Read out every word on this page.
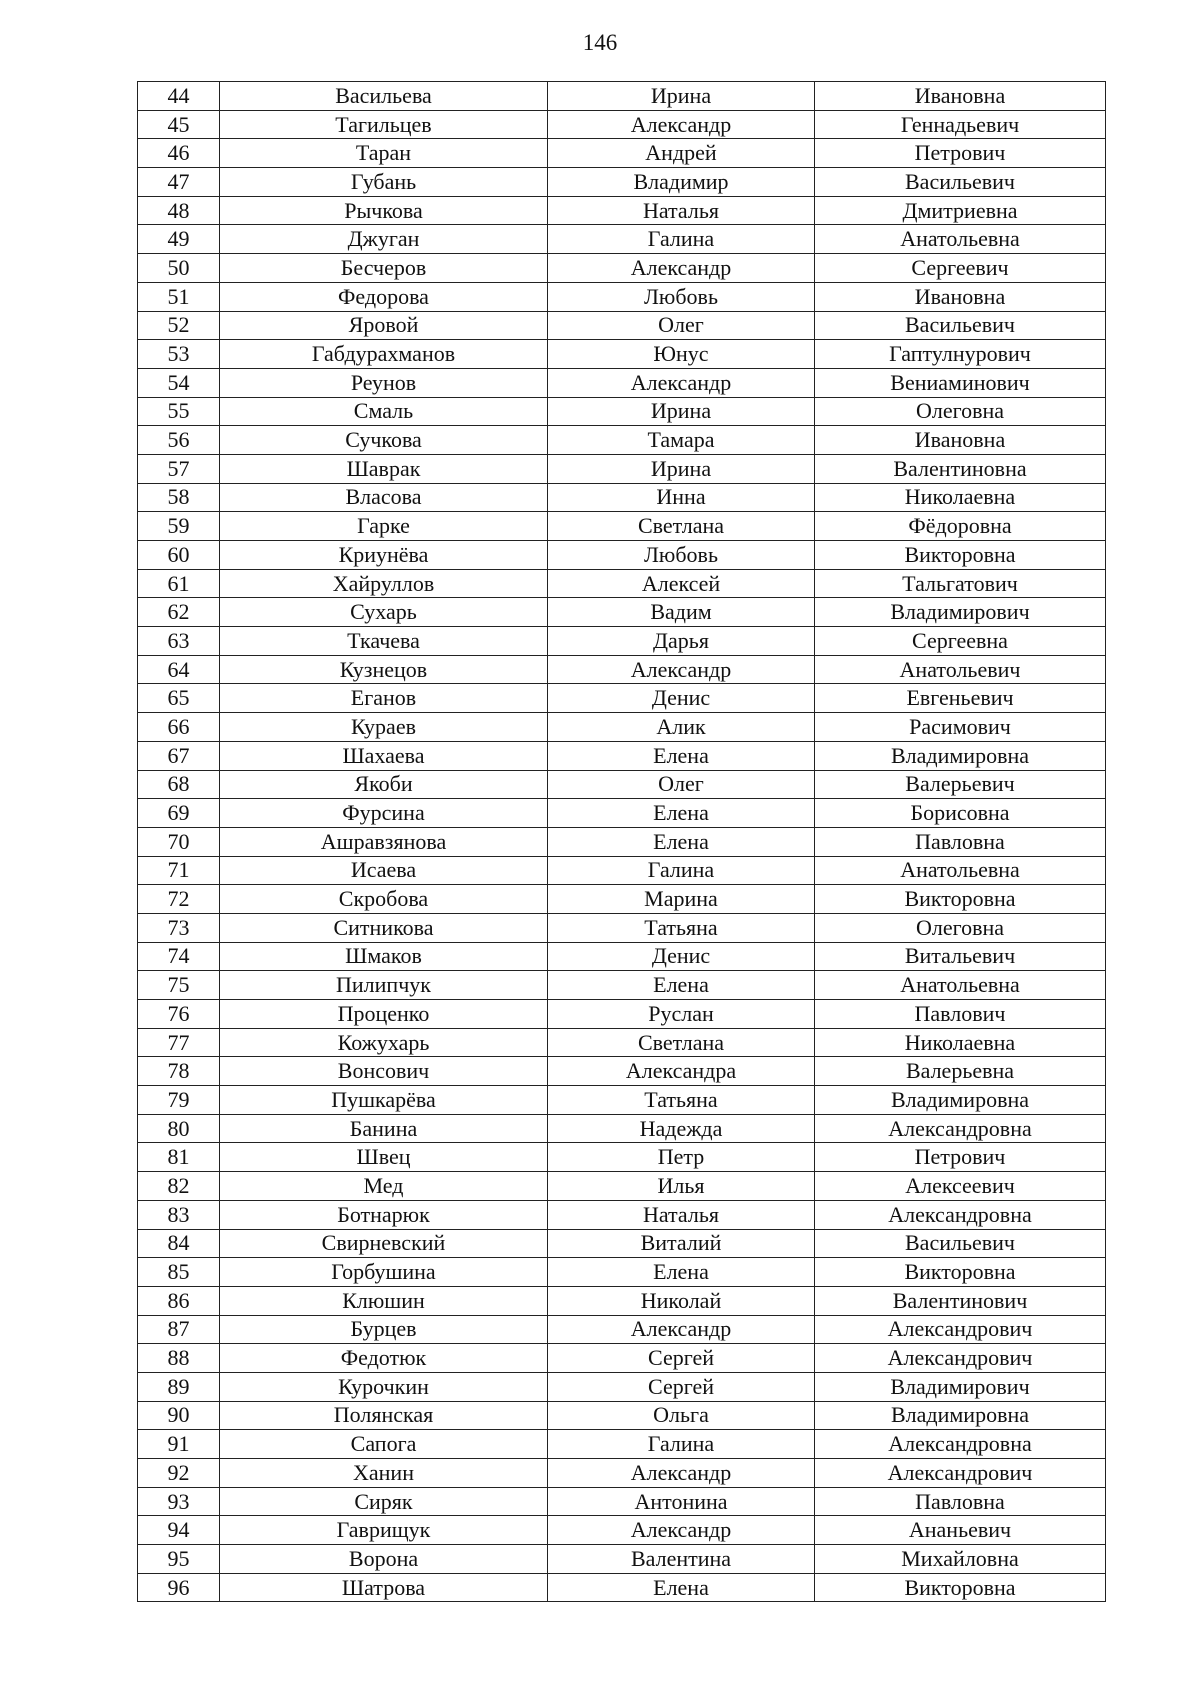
146
44	Васильева	Ирина	Ивановна
45	Тагильцев	Александр	Геннадьевич
46	Таран	Андрей	Петрович
47	Губань	Владимир	Васильевич
48	Рычкова	Наталья	Дмитриевна
49	Джуган	Галина	Анатольевна
50	Бесчеров	Александр	Сергеевич
51	Федорова	Любовь	Ивановна
52	Яровой	Олег	Васильевич
53	Габдурахманов	Юнус	Гаптулнурович
54	Реунов	Александр	Вениаминович
55	Смаль	Ирина	Олеговна
56	Сучкова	Тамара	Ивановна
57	Шаврак	Ирина	Валентиновна
58	Власова	Инна	Николаевна
59	Гарке	Светлана	Фёдоровна
60	Криунёва	Любовь	Викторовна
61	Хайруллов	Алексей	Тальгатович
62	Сухарь	Вадим	Владимирович
63	Ткачева	Дарья	Сергеевна
64	Кузнецов	Александр	Анатольевич
65	Еганов	Денис	Евгеньевич
66	Кураев	Алик	Расимович
67	Шахаева	Елена	Владимировна
68	Якоби	Олег	Валерьевич
69	Фурсина	Елена	Борисовна
70	Ашравзянова	Елена	Павловна
71	Исаева	Галина	Анатольевна
72	Скробова	Марина	Викторовна
73	Ситникова	Татьяна	Олеговна
74	Шмаков	Денис	Витальевич
75	Пилипчук	Елена	Анатольевна
76	Проценко	Руслан	Павлович
77	Кожухарь	Светлана	Николаевна
78	Вонсович	Александра	Валерьевна
79	Пушкарёва	Татьяна	Владимировна
80	Банина	Надежда	Александровна
81	Швец	Петр	Петрович
82	Мед	Илья	Алексеевич
83	Ботнарюк	Наталья	Александровна
84	Свирневский	Виталий	Васильевич
85	Горбушина	Елена	Викторовна
86	Клюшин	Николай	Валентинович
87	Бурцев	Александр	Александрович
88	Федотюк	Сергей	Александрович
89	Курочкин	Сергей	Владимирович
90	Полянская	Ольга	Владимировна
91	Сапога	Галина	Александровна
92	Ханин	Александр	Александрович
93	Сиряк	Антонина	Павловна
94	Гаврищук	Александр	Ананьевич
95	Ворона	Валентина	Михайловна
96	Шатрова	Елена	Викторовна
